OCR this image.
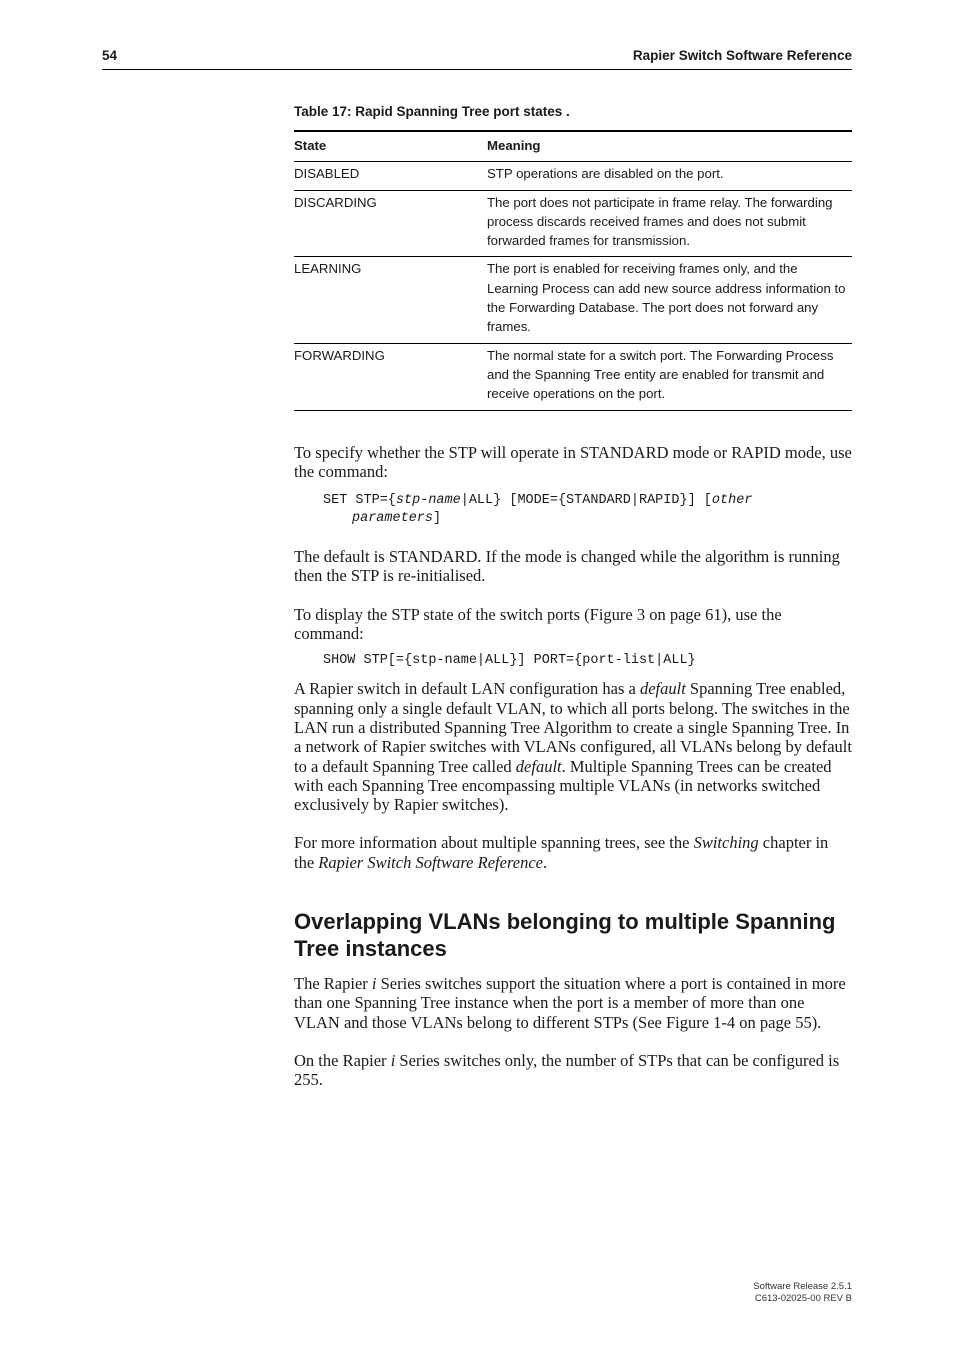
54	Rapier Switch Software Reference
Table 17: Rapid Spanning Tree port states .
State	Meaning
DISABLED	STP operations are disabled on the port.
DISCARDING	The port does not participate in frame relay. The forwarding process discards received frames and does not submit forwarded frames for transmission.
LEARNING	The port is enabled for receiving frames only, and the Learning Process can add new source address information to the Forwarding Database. The port does not forward any frames.
FORWARDING	The normal state for a switch port. The Forwarding Process and the Spanning Tree entity are enabled for transmit and receive operations on the port.

To specify whether the STP will operate in STANDARD mode or RAPID mode, use the command:

SET STP={stp-name|ALL} [MODE={STANDARD|RAPID}] [other
parameters]

The default is STANDARD. If the mode is changed while the algorithm is running then the STP is re-initialised.

To display the STP state of the switch ports (Figure 3 on page 61), use the command:

SHOW STP[={stp-name|ALL}] PORT={port-list|ALL}

A Rapier switch in default LAN configuration has a default Spanning Tree enabled, spanning only a single default VLAN, to which all ports belong. The switches in the LAN run a distributed Spanning Tree Algorithm to create a single Spanning Tree. In a network of Rapier switches with VLANs configured, all VLANs belong by default to a default Spanning Tree called default. Multiple Spanning Trees can be created with each Spanning Tree encompassing multiple VLANs (in networks switched exclusively by Rapier switches).

For more information about multiple spanning trees, see the Switching chapter in the Rapier Switch Software Reference.

Overlapping VLANs belonging to multiple Spanning Tree instances

The Rapier i Series switches support the situation where a port is contained in more than one Spanning Tree instance when the port is a member of more than one VLAN and those VLANs belong to different STPs (See Figure 1-4 on page 55).

On the Rapier i Series switches only, the number of STPs that can be configured is 255.

Software Release 2.5.1
C613-02025-00 REV B
